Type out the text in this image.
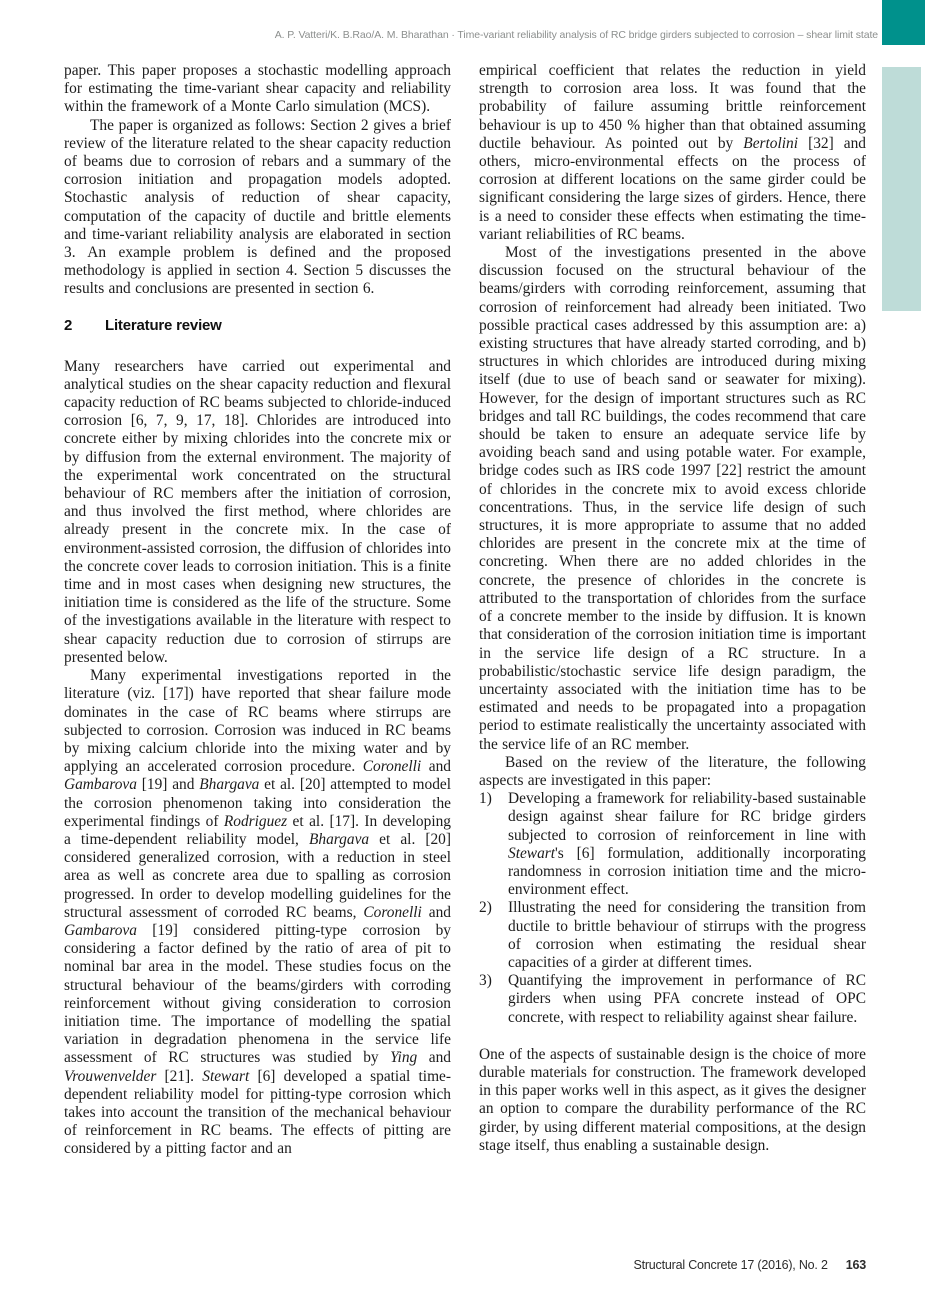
A. P. Vatteri/K. B.Rao/A. M. Bharathan · Time-variant reliability analysis of RC bridge girders subjected to corrosion – shear limit state

paper. This paper proposes a stochastic modelling approach for estimating the time-variant shear capacity and reliability within the framework of a Monte Carlo simulation (MCS).

The paper is organized as follows: Section 2 gives a brief review of the literature related to the shear capacity reduction of beams due to corrosion of rebars and a summary of the corrosion initiation and propagation models adopted. Stochastic analysis of reduction of shear capacity, computation of the capacity of ductile and brittle elements and time-variant reliability analysis are elaborated in section 3. An example problem is defined and the proposed methodology is applied in section 4. Section 5 discusses the results and conclusions are presented in section 6.

2	Literature review

Many researchers have carried out experimental and analytical studies on the shear capacity reduction and flexural capacity reduction of RC beams subjected to chloride-induced corrosion [6, 7, 9, 17, 18]. Chlorides are introduced into concrete either by mixing chlorides into the concrete mix or by diffusion from the external environment. The majority of the experimental work concentrated on the structural behaviour of RC members after the initiation of corrosion, and thus involved the first method, where chlorides are already present in the concrete mix. In the case of environment-assisted corrosion, the diffusion of chlorides into the concrete cover leads to corrosion initiation. This is a finite time and in most cases when designing new structures, the initiation time is considered as the life of the structure. Some of the investigations available in the literature with respect to shear capacity reduction due to corrosion of stirrups are presented below.

Many experimental investigations reported in the literature (viz. [17]) have reported that shear failure mode dominates in the case of RC beams where stirrups are subjected to corrosion. Corrosion was induced in RC beams by mixing calcium chloride into the mixing water and by applying an accelerated corrosion procedure. Coronelli and Gambarova [19] and Bhargava et al. [20] attempted to model the corrosion phenomenon taking into consideration the experimental findings of Rodriguez et al. [17]. In developing a time-dependent reliability model, Bhargava et al. [20] considered generalized corrosion, with a reduction in steel area as well as concrete area due to spalling as corrosion progressed. In order to develop modelling guidelines for the structural assessment of corroded RC beams, Coronelli and Gambarova [19] considered pitting-type corrosion by considering a factor defined by the ratio of area of pit to nominal bar area in the model. These studies focus on the structural behaviour of the beams/girders with corroding reinforcement without giving consideration to corrosion initiation time. The importance of modelling the spatial variation in degradation phenomena in the service life assessment of RC structures was studied by Ying and Vrouwenvelder [21]. Stewart [6] developed a spatial time-dependent reliability model for pitting-type corrosion which takes into account the transition of the mechanical behaviour of reinforcement in RC beams. The effects of pitting are considered by a pitting factor and an

empirical coefficient that relates the reduction in yield strength to corrosion area loss. It was found that the probability of failure assuming brittle reinforcement behaviour is up to 450 % higher than that obtained assuming ductile behaviour. As pointed out by Bertolini [32] and others, micro-environmental effects on the process of corrosion at different locations on the same girder could be significant considering the large sizes of girders. Hence, there is a need to consider these effects when estimating the time-variant reliabilities of RC beams.

Most of the investigations presented in the above discussion focused on the structural behaviour of the beams/girders with corroding reinforcement, assuming that corrosion of reinforcement had already been initiated. Two possible practical cases addressed by this assumption are: a) existing structures that have already started corroding, and b) structures in which chlorides are introduced during mixing itself (due to use of beach sand or seawater for mixing). However, for the design of important structures such as RC bridges and tall RC buildings, the codes recommend that care should be taken to ensure an adequate service life by avoiding beach sand and using potable water. For example, bridge codes such as IRS code 1997 [22] restrict the amount of chlorides in the concrete mix to avoid excess chloride concentrations. Thus, in the service life design of such structures, it is more appropriate to assume that no added chlorides are present in the concrete mix at the time of concreting. When there are no added chlorides in the concrete, the presence of chlorides in the concrete is attributed to the transportation of chlorides from the surface of a concrete member to the inside by diffusion. It is known that consideration of the corrosion initiation time is important in the service life design of a RC structure. In a probabilistic/stochastic service life design paradigm, the uncertainty associated with the initiation time has to be estimated and needs to be propagated into a propagation period to estimate realistically the uncertainty associated with the service life of an RC member.

Based on the review of the literature, the following aspects are investigated in this paper:

1)	Developing a framework for reliability-based sustainable design against shear failure for RC bridge girders subjected to corrosion of reinforcement in line with Stewart's [6] formulation, additionally incorporating randomness in corrosion initiation time and the micro-environment effect.
2)	Illustrating the need for considering the transition from ductile to brittle behaviour of stirrups with the progress of corrosion when estimating the residual shear capacities of a girder at different times.
3)	Quantifying the improvement in performance of RC girders when using PFA concrete instead of OPC concrete, with respect to reliability against shear failure.

One of the aspects of sustainable design is the choice of more durable materials for construction. The framework developed in this paper works well in this aspect, as it gives the designer an option to compare the durability performance of the RC girder, by using different material compositions, at the design stage itself, thus enabling a sustainable design.

Structural Concrete 17 (2016), No. 2 163
